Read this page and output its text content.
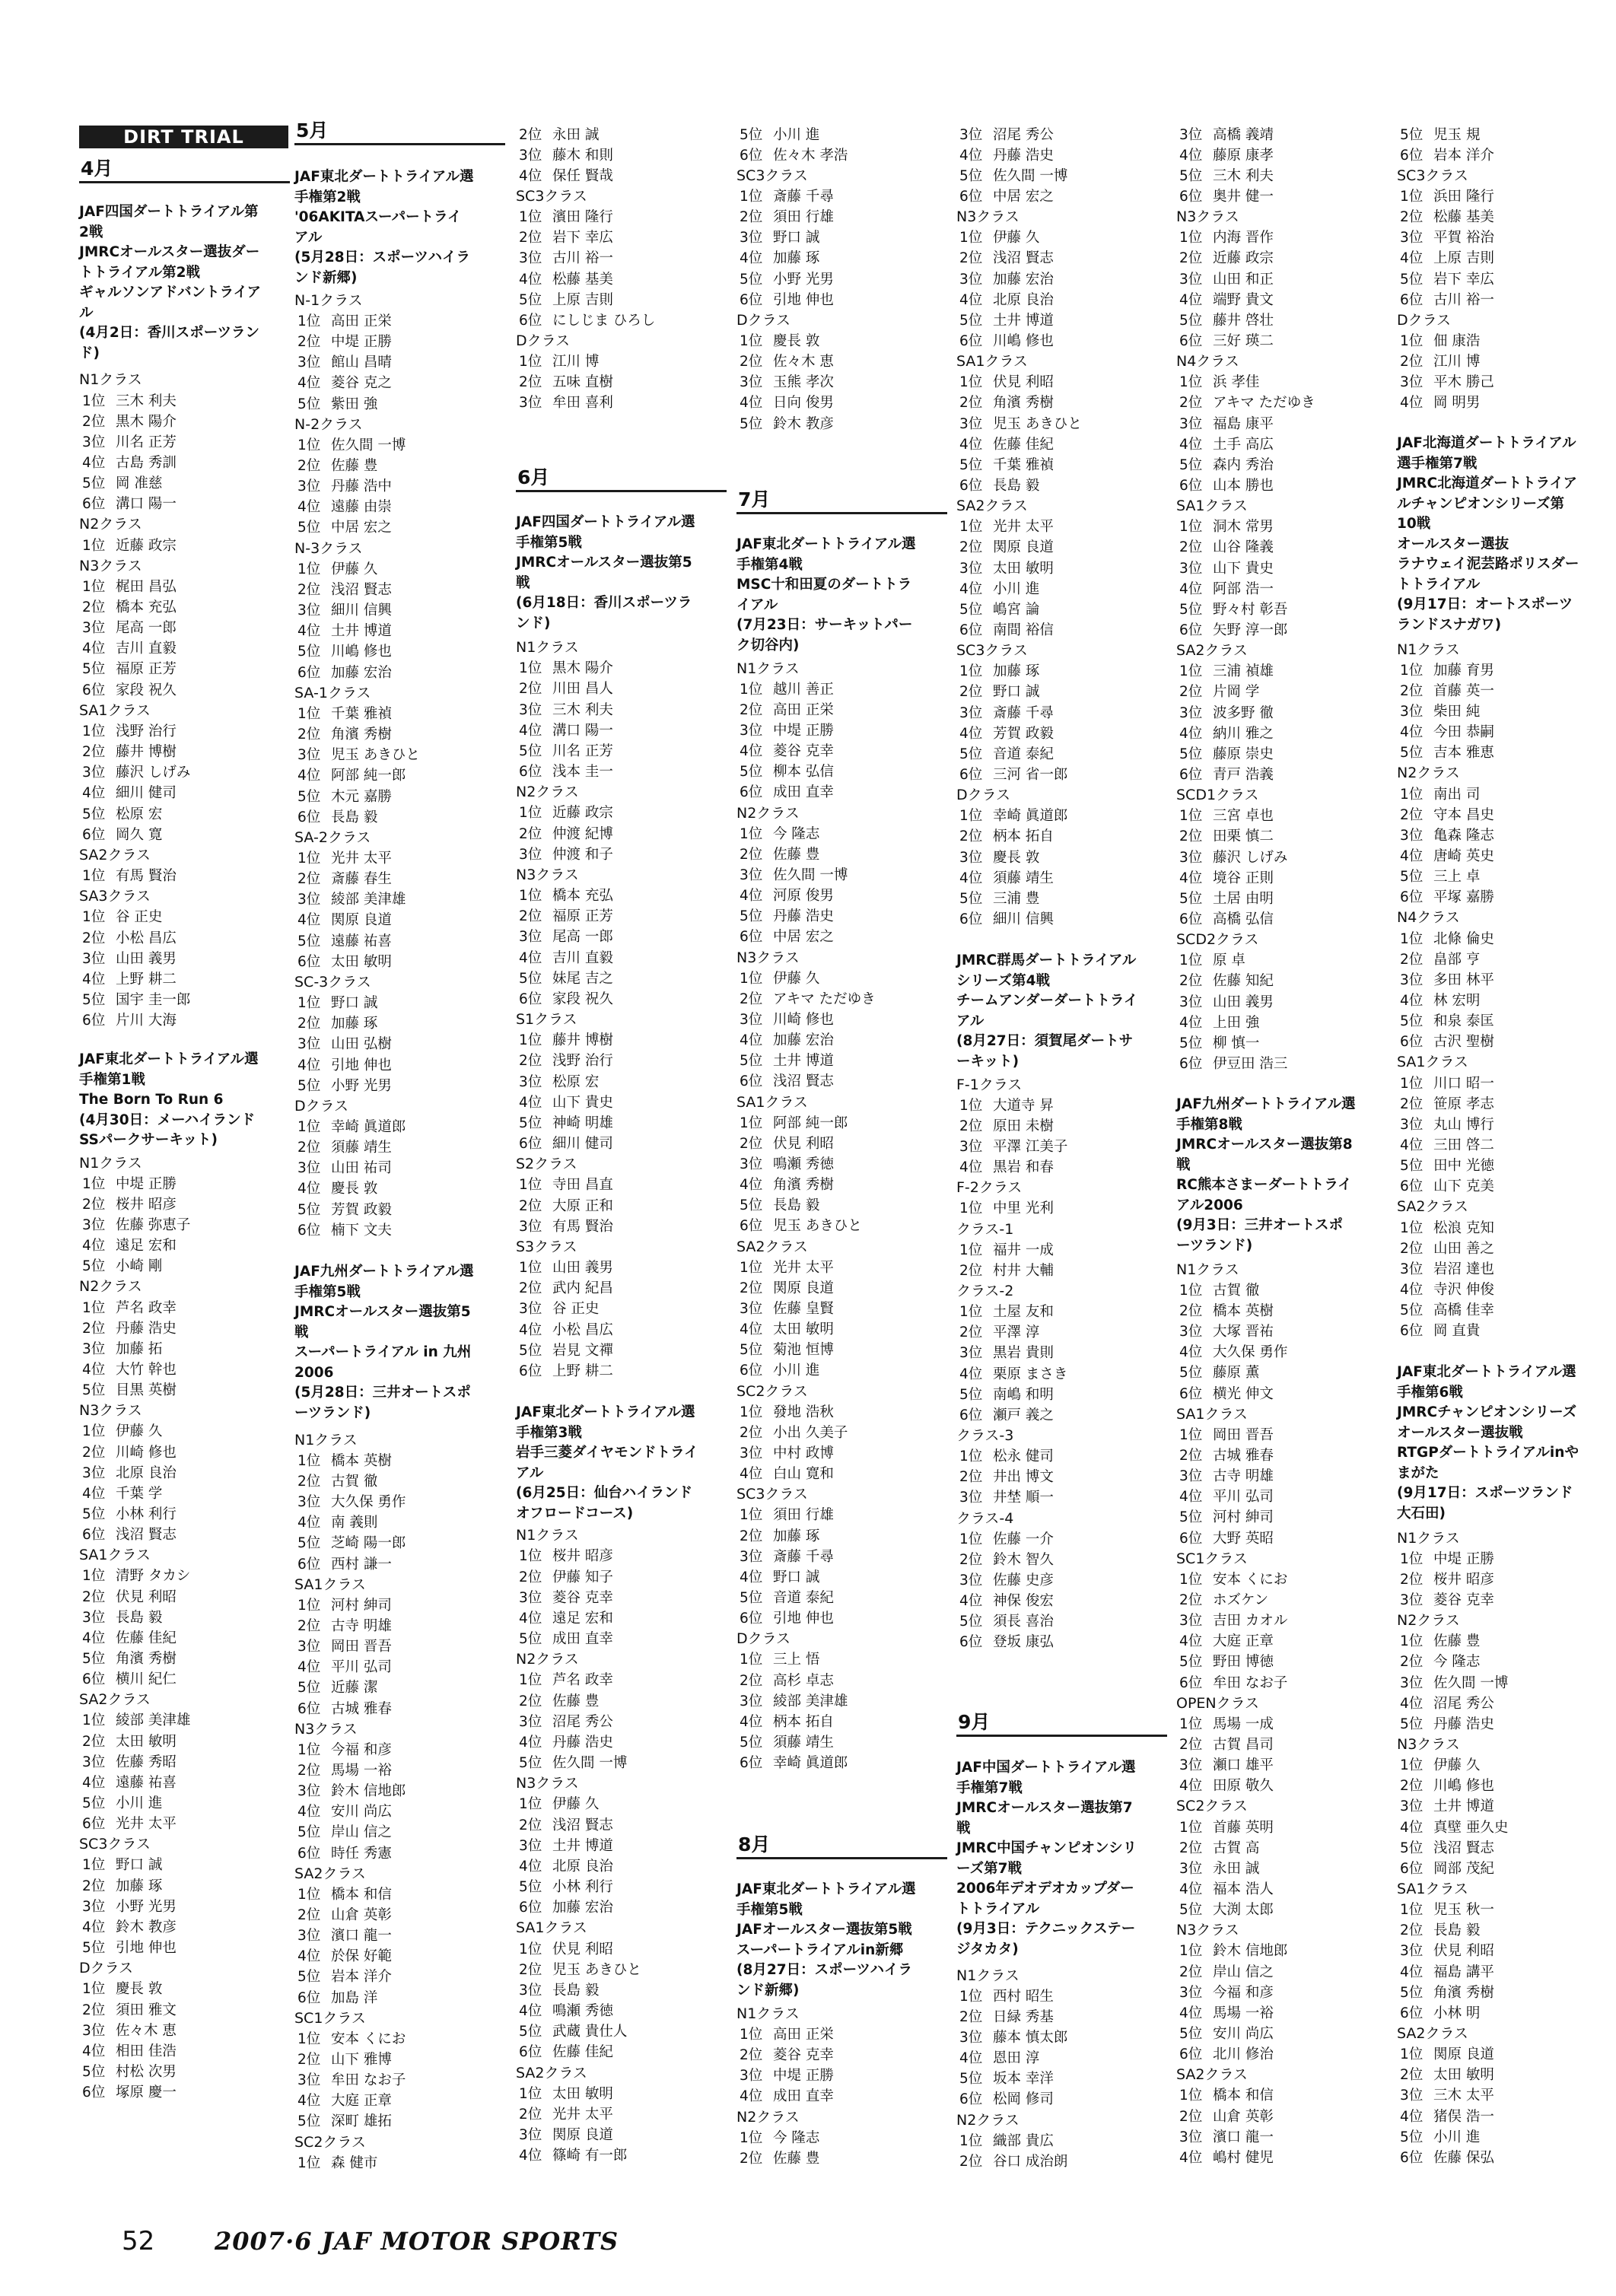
DIRT TRIAL
4月
JAF四国ダートトライアル第
2戦
JMRCオールスター選抜ダー
トトライアル第2戦
ギャルソンアドバントライア
ル
(4月2日：香川スポーツラン
ド)
N1クラス
1位 三木 利夫
2位 黒木 陽介
3位 川名 正芳
4位 古島 秀訓
5位 岡 准慈
6位 溝口 陽一
N2クラス
1位 近藤 政宗
N3クラス
1位 梶田 昌弘
2位 橋本 充弘
3位 尾高 一郎
4位 吉川 直毅
5位 福原 正芳
6位 家段 祝久
SA1クラス
1位 浅野 治行
2位 藤井 博樹
3位 藤沢 しげみ
4位 細川 健司
5位 松原 宏
6位 岡久 寛
SA2クラス
1位 有馬 賢治
SA3クラス
1位 谷 正史
2位 小松 昌広
3位 山田 義男
4位 上野 耕二
5位 国宇 圭一郎
6位 片川 大海
JAF東北ダートトライアル選
手権第1戦
The Born To Run 6
(4月30日：メーハイランド
SSパークサーキット)
N1クラス
1位 中堤 正勝
2位 桜井 昭彦
3位 佐藤 弥恵子
4位 遠足 宏和
5位 小崎 剛
N2クラス
1位 芦名 政幸
2位 丹藤 浩史
3位 加藤 拓
4位 大竹 幹也
5位 目黒 英樹
N3クラス
1位 伊藤 久
2位 川崎 修也
3位 北原 良治
4位 千葉 学
5位 小林 利行
6位 浅沼 賢志
SA1クラス
1位 清野 タカシ
2位 伏見 利昭
3位 長島 毅
4位 佐藤 佳紀
5位 角濱 秀樹
6位 横川 紀仁
SA2クラス
1位 綾部 美津雄
2位 太田 敏明
3位 佐藤 秀昭
4位 遠藤 祐喜
5位 小川 進
6位 光井 太平
SC3クラス
1位 野口 誠
2位 加藤 琢
3位 小野 光男
4位 鈴木 教彦
5位 引地 伸也
Dクラス
1位 慶長 敦
2位 須田 雅文
3位 佐々木 恵
4位 相田 佳浩
5位 村松 次男
6位 塚原 慶一
5月
JAF東北ダートトライアル選
手権第2戦
'06AKITAスーパートライ
アル
(5月28日：スポーツハイラ
ンド新郷)
N-1クラス
1位 高田 正栄
2位 中堤 正勝
3位 館山 昌晴
4位 菱谷 克之
5位 紫田 強
N-2クラス
1位 佐久間 一博
2位 佐藤 豊
3位 丹藤 浩中
4位 遠藤 由崇
5位 中居 宏之
N-3クラス
1位 伊藤 久
2位 浅沼 賢志
3位 細川 信興
4位 土井 博道
5位 川嶋 修也
6位 加藤 宏治
SA-1クラス
1位 千葉 雅禎
2位 角濱 秀樹
3位 児玉 あきひと
4位 阿部 純一郎
5位 木元 嘉勝
6位 長島 毅
SA-2クラス
1位 光井 太平
2位 斎藤 春生
3位 綾部 美津雄
4位 関原 良道
5位 遠藤 祐喜
6位 太田 敏明
SC-3クラス
1位 野口 誠
2位 加藤 琢
3位 山田 弘樹
4位 引地 伸也
5位 小野 光男
Dクラス
1位 幸崎 眞道郎
2位 須藤 靖生
3位 山田 祐司
4位 慶長 敦
5位 芳賀 政毅
6位 楠下 文夫
JAF九州ダートトライアル選
手権第5戦
JMRCオールスター選抜第5
戦
スーパートライアル in 九州
2006
(5月28日：三井オートスポ
ーツランド)
N1クラス
1位 橋本 英樹
2位 古賀 徹
3位 大久保 勇作
4位 南 義則
5位 芝崎 陽一郎
6位 西村 謙一
SA1クラス
1位 河村 紳司
2位 古寺 明雄
3位 岡田 晋吾
4位 平川 弘司
5位 近藤 潔
6位 古城 雅春
N3クラス
1位 今福 和彦
2位 馬場 一裕
3位 鈴木 信地郎
4位 安川 尚広
5位 岸山 信之
6位 時任 秀憲
SA2クラス
1位 橋本 和信
2位 山倉 英彰
3位 濱口 龍一
4位 於保 好範
5位 岩本 洋介
6位 加島 洋
SC1クラス
1位 安本 くにお
2位 山下 雅博
3位 牟田 なお子
4位 大庭 正章
5位 深町 雄拓
SC2クラス
1位 森 健市
2位 永田 誠
3位 藤木 和則
4位 保任 賢哉
SC3クラス
1位 濱田 隆行
2位 岩下 幸広
3位 古川 裕一
4位 松藤 基美
5位 上原 吉則
6位 にしじま ひろし
Dクラス
1位 江川 博
2位 五味 直樹
3位 牟田 喜利
6月
JAF四国ダートトライアル選
手権第5戦
JMRCオールスター選抜第5
戦
(6月18日：香川スポーツラ
ンド)
N1クラス
1位 黒木 陽介
2位 川田 昌人
3位 三木 利夫
4位 溝口 陽一
5位 川名 正芳
6位 浅本 圭一
N2クラス
1位 近藤 政宗
2位 仲渡 紀博
3位 仲渡 和子
N3クラス
1位 橋本 充弘
2位 福原 正芳
3位 尾高 一郎
4位 吉川 直毅
5位 妹尾 吉之
6位 家段 祝久
S1クラス
1位 藤井 博樹
2位 浅野 治行
3位 松原 宏
4位 山下 貴史
5位 神崎 明雄
6位 細川 健司
S2クラス
1位 寺田 昌直
2位 大原 正和
3位 有馬 賢治
S3クラス
1位 山田 義男
2位 武内 紀昌
3位 谷 正史
4位 小松 昌広
5位 岩見 文禪
6位 上野 耕二
JAF東北ダートトライアル選
手権第3戦
岩手三菱ダイヤモンドトライ
アル
(6月25日：仙台ハイランド
オフロードコース)
N1クラス
1位 桜井 昭彦
2位 伊藤 知子
3位 菱谷 克幸
4位 遠足 宏和
5位 成田 直幸
N2クラス
1位 芦名 政幸
2位 佐藤 豊
3位 沼尾 秀公
4位 丹藤 浩史
5位 佐久間 一博
N3クラス
1位 伊藤 久
2位 浅沼 賢志
3位 土井 博道
4位 北原 良治
5位 小林 利行
6位 加藤 宏治
SA1クラス
1位 伏見 利昭
2位 児玉 あきひと
3位 長島 毅
4位 鳴瀬 秀徳
5位 武蔵 貴仕人
6位 佐藤 佳紀
SA2クラス
1位 太田 敏明
2位 光井 太平
3位 関原 良道
4位 篠崎 有一郎
5位 小川 進
6位 佐々木 孝浩
SC3クラス
1位 斎藤 千尋
2位 須田 行雄
3位 野口 誠
4位 加藤 琢
5位 小野 光男
6位 引地 伸也
Dクラス
1位 慶長 敦
2位 佐々木 恵
3位 玉熊 孝次
4位 日向 俊男
5位 鈴木 教彦
7月
JAF東北ダートトライアル選
手権第4戦
MSC十和田夏のダートトラ
イアル
(7月23日：サーキットパー
ク切谷内)
N1クラス
1位 越川 善正
2位 高田 正栄
3位 中堤 正勝
4位 菱谷 克幸
5位 柳本 弘信
6位 成田 直幸
N2クラス
1位 今 隆志
2位 佐藤 豊
3位 佐久間 一博
4位 河原 俊男
5位 丹藤 浩史
6位 中居 宏之
N3クラス
1位 伊藤 久
2位 アキマ ただゆき
3位 川崎 修也
4位 加藤 宏治
5位 土井 博道
6位 浅沼 賢志
SA1クラス
1位 阿部 純一郎
2位 伏見 利昭
3位 鳴瀬 秀徳
4位 角濱 秀樹
5位 長島 毅
6位 児玉 あきひと
SA2クラス
1位 光井 太平
2位 関原 良道
3位 佐藤 皇賢
4位 太田 敏明
5位 菊池 恒博
6位 小川 進
SC2クラス
1位 發地 浩秋
2位 小出 久美子
3位 中村 政博
4位 白山 寛和
SC3クラス
1位 須田 行雄
2位 加藤 琢
3位 斎藤 千尋
4位 野口 誠
5位 音道 泰紀
6位 引地 伸也
Dクラス
1位 三上 悟
2位 高杉 卓志
3位 綾部 美津雄
4位 柄本 拓自
5位 須藤 靖生
6位 幸崎 眞道郎
8月
JAF東北ダートトライアル選
手権第5戦
JAFオールスター選抜第5戦
スーパートライアルin新郷
(8月27日：スポーツハイラ
ンド新郷)
N1クラス
1位 高田 正栄
2位 菱谷 克幸
3位 中堤 正勝
4位 成田 直幸
N2クラス
1位 今 隆志
2位 佐藤 豊
3位 沼尾 秀公
4位 丹藤 浩史
5位 佐久間 一博
6位 中居 宏之
N3クラス
1位 伊藤 久
2位 浅沼 賢志
3位 加藤 宏治
4位 北原 良治
5位 土井 博道
6位 川嶋 修也
SA1クラス
1位 伏見 利昭
2位 角濱 秀樹
3位 児玉 あきひと
4位 佐藤 佳紀
5位 千葉 雅禎
6位 長島 毅
SA2クラス
1位 光井 太平
2位 関原 良道
3位 太田 敏明
4位 小川 進
5位 嶋宮 論
6位 南間 裕信
SC3クラス
1位 加藤 琢
2位 野口 誠
3位 斎藤 千尋
4位 芳賀 政毅
5位 音道 泰紀
6位 三河 省一郎
Dクラス
1位 幸崎 眞道郎
2位 柄本 拓自
3位 慶長 敦
4位 須藤 靖生
5位 三浦 豊
6位 細川 信興
JMRC群馬ダートトライアル
シリーズ第4戦
チームアンダーダートトライ
アル
(8月27日：須賀尾ダートサ
ーキット)
F-1クラス
1位 大道寺 昇
2位 原田 未樹
3位 平澤 江美子
4位 黒岩 和春
F-2クラス
1位 中里 光利
クラス-1
1位 福井 一成
2位 村井 大輔
クラス-2
1位 土屋 友和
2位 平澤 淳
3位 黒岩 貴則
4位 栗原 まさき
5位 南嶋 和明
6位 瀬戸 義之
クラス-3
1位 松永 健司
2位 井出 博文
3位 井埜 順一
クラス-4
1位 佐藤 一介
2位 鈴木 智久
3位 佐藤 史彦
4位 神保 俊宏
5位 須長 喜治
6位 登坂 康弘
9月
JAF中国ダートトライアル選
手権第7戦
JMRCオールスター選抜第7
戦
JMRC中国チャンピオンシリ
ーズ第7戦
2006年デオデオカップダー
トトライアル
(9月3日：テクニックステー
ジタカタ)
N1クラス
1位 西村 昭生
2位 日緑 秀基
3位 藤本 慎太郎
4位 恩田 淳
5位 坂本 幸洋
6位 松岡 修司
N2クラス
1位 織部 貴広
2位 谷口 成治朗
3位 高橋 義靖
4位 藤原 康孝
5位 三木 利夫
6位 奥井 健一
N3クラス
1位 内海 晋作
2位 近藤 政宗
3位 山田 和正
4位 端野 貴文
5位 藤井 啓壮
6位 三好 瑛二
N4クラス
1位 浜 孝佳
2位 アキマ ただゆき
3位 福島 康平
4位 土手 高広
5位 森内 秀治
6位 山本 勝也
SA1クラス
1位 洞木 常男
2位 山谷 隆義
3位 山下 貴史
4位 阿部 浩一
5位 野々村 彰吾
6位 矢野 淳一郎
SA2クラス
1位 三浦 禎雄
2位 片岡 学
3位 波多野 徹
4位 納川 雅之
5位 藤原 崇史
6位 青戸 浩義
SCD1クラス
1位 三宮 卓也
2位 田栗 慎二
3位 藤沢 しげみ
4位 境谷 正則
5位 土居 由明
6位 高橋 弘信
SCD2クラス
1位 原 卓
2位 佐藤 知紀
3位 山田 義男
4位 上田 強
5位 柳 慎一
6位 伊豆田 浩三
JAF九州ダートトライアル選
手権第8戦
JMRCオールスター選抜第8
戦
RC熊本さまーダートトライ
アル2006
(9月3日：三井オートスポ
ーツランド)
N1クラス
1位 古賀 徹
2位 橋本 英樹
3位 大塚 晋祐
4位 大久保 勇作
5位 藤原 薫
6位 横光 伸文
SA1クラス
1位 岡田 晋吾
2位 古城 雅春
3位 古寺 明雄
4位 平川 弘司
5位 河村 紳司
6位 大野 英昭
SC1クラス
1位 安本 くにお
2位 ホズケン
3位 吉田 カオル
4位 大庭 正章
5位 野田 博徳
6位 牟田 なお子
OPENクラス
1位 馬場 一成
2位 古賀 昌司
3位 瀬口 雄平
4位 田原 敬久
SC2クラス
1位 首藤 英明
2位 古賀 高
3位 永田 誠
4位 福本 浩人
5位 大渕 太郎
N3クラス
1位 鈴木 信地郎
2位 岸山 信之
3位 今福 和彦
4位 馬場 一裕
5位 安川 尚広
6位 北川 修治
SA2クラス
1位 橋本 和信
2位 山倉 英彰
3位 濱口 龍一
4位 嶋村 健児
5位 児玉 規
6位 岩本 洋介
SC3クラス
1位 浜田 隆行
2位 松藤 基美
3位 平賀 裕治
4位 上原 吉則
5位 岩下 幸広
6位 古川 裕一
Dクラス
1位 佃 康浩
2位 江川 博
3位 平木 勝己
4位 岡 明男
JAF北海道ダートトライアル
選手権第7戦
JMRC北海道ダートトライア
ルチャンピオンシリーズ第
10戦
オールスター選抜
ラナウェイ泥芸路ポリスダー
トトライアル
(9月17日：オートスポーツ
ランドスナガワ)
N1クラス
1位 加藤 育男
2位 首藤 英一
3位 柴田 純
4位 今田 恭嗣
5位 吉本 雅恵
N2クラス
1位 南出 司
2位 守本 昌史
3位 亀森 隆志
4位 唐崎 英史
5位 三上 卓
6位 平塚 嘉勝
N4クラス
1位 北條 倫史
2位 畠部 亨
3位 多田 林平
4位 林 宏明
5位 和泉 泰匡
6位 古沢 聖樹
SA1クラス
1位 川口 昭一
2位 笹原 孝志
3位 丸山 博行
4位 三田 啓二
5位 田中 光徳
6位 山下 克美
SA2クラス
1位 松浪 克知
2位 山田 善之
3位 岩沼 達也
4位 寺沢 伸俊
5位 高橋 佳幸
6位 岡 直貴
JAF東北ダートトライアル選
手権第6戦
JMRCチャンピオンシリーズ
オールスター選抜戦
RTGPダートトライアルinや
まがた
(9月17日：スポーツランド
大石田)
N1クラス
1位 中堤 正勝
2位 桜井 昭彦
3位 菱谷 克幸
N2クラス
1位 佐藤 豊
2位 今 隆志
3位 佐久間 一博
4位 沼尾 秀公
5位 丹藤 浩史
N3クラス
1位 伊藤 久
2位 川嶋 修也
3位 土井 博道
4位 真壁 亜久史
5位 浅沼 賢志
6位 岡部 茂紀
SA1クラス
1位 児玉 秋一
2位 長島 毅
3位 伏見 利昭
4位 福島 講平
5位 角濱 秀樹
6位 小林 明
SA2クラス
1位 関原 良道
2位 太田 敏明
3位 三木 太平
4位 猪俣 浩一
5位 小川 進
6位 佐藤 保弘
52 2007·6 JAF MOTOR SPORTS
